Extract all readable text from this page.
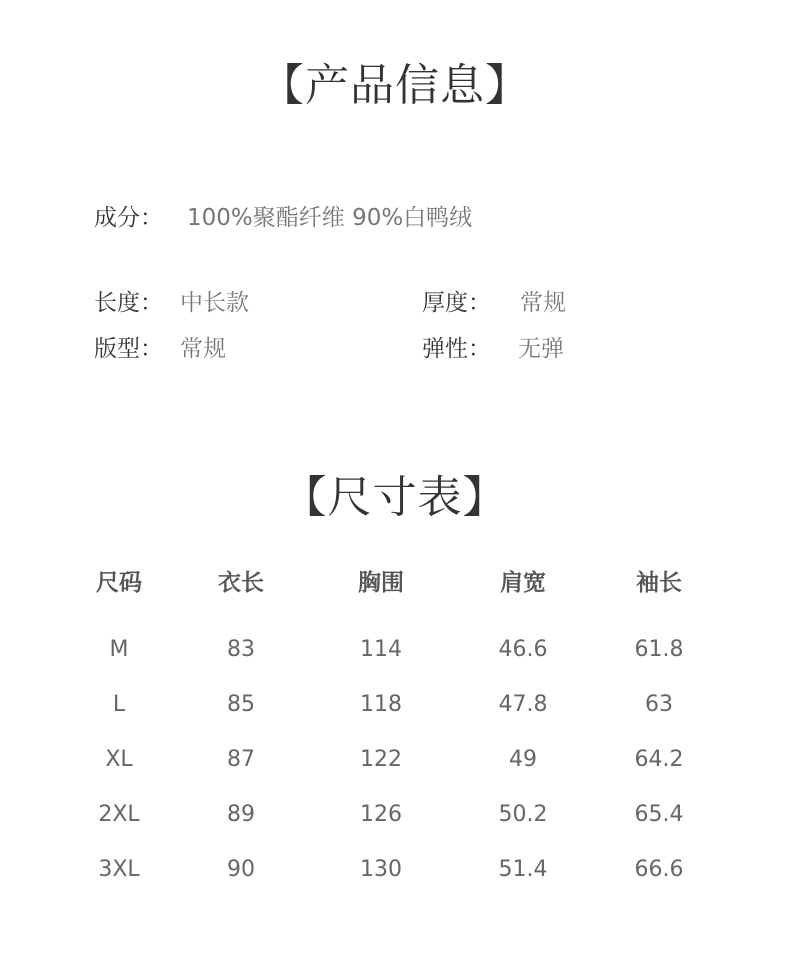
【产品信息】
成分： 100%聚酯纤维 90%白鸭绒
长度： 中长款	厚度： 常规
版型： 常规	弹性： 无弹
【尺寸表】
尺码	衣长	胸围	肩宽	袖长
M	83	114	46.6	61.8
L	85	118	47.8	63
XL	87	122	49	64.2
2XL	89	126	50.2	65.4
3XL	90	130	51.4	66.6
